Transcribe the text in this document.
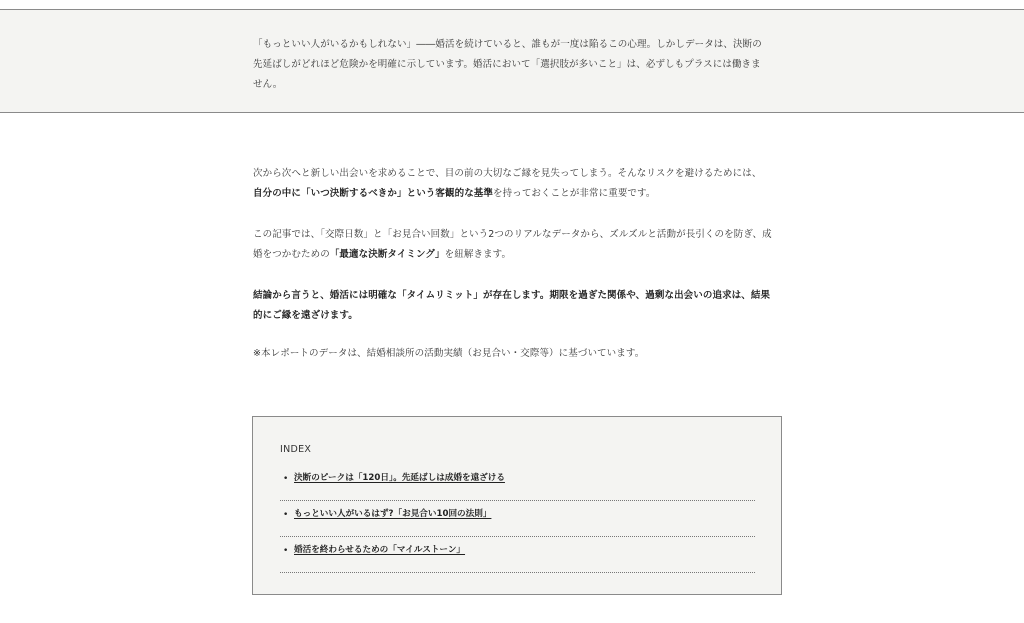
「もっといい人がいるかもしれない」――婚活を続けていると、誰もが一度は陥るこの心理。しかしデータは、決断の
先延ばしがどれほど危険かを明確に示しています。婚活において「選択肢が多いこと」は、必ずしもプラスには働きま
せん。

次から次へと新しい出会いを求めることで、目の前の大切なご縁を見失ってしまう。そんなリスクを避けるためには、
自分の中に「いつ決断するべきか」という客観的な基準を持っておくことが非常に重要です。

この記事では、「交際日数」と「お見合い回数」という2つのリアルなデータから、ズルズルと活動が長引くのを防ぎ、成
婚をつかむための「最適な決断タイミング」を紐解きます。

結論から言うと、婚活には明確な「タイムリミット」が存在します。期限を過ぎた関係や、過剰な出会いの追求は、結果
的にご縁を遠ざけます。

※本レポートのデータは、結婚相談所の活動実績（お見合い・交際等）に基づいています。

INDEX
• 決断のピークは「120日」。先延ばしは成婚を遠ざける
• もっといい人がいるはず?「お見合い10回の法則」
• 婚活を終わらせるための「マイルストーン」
